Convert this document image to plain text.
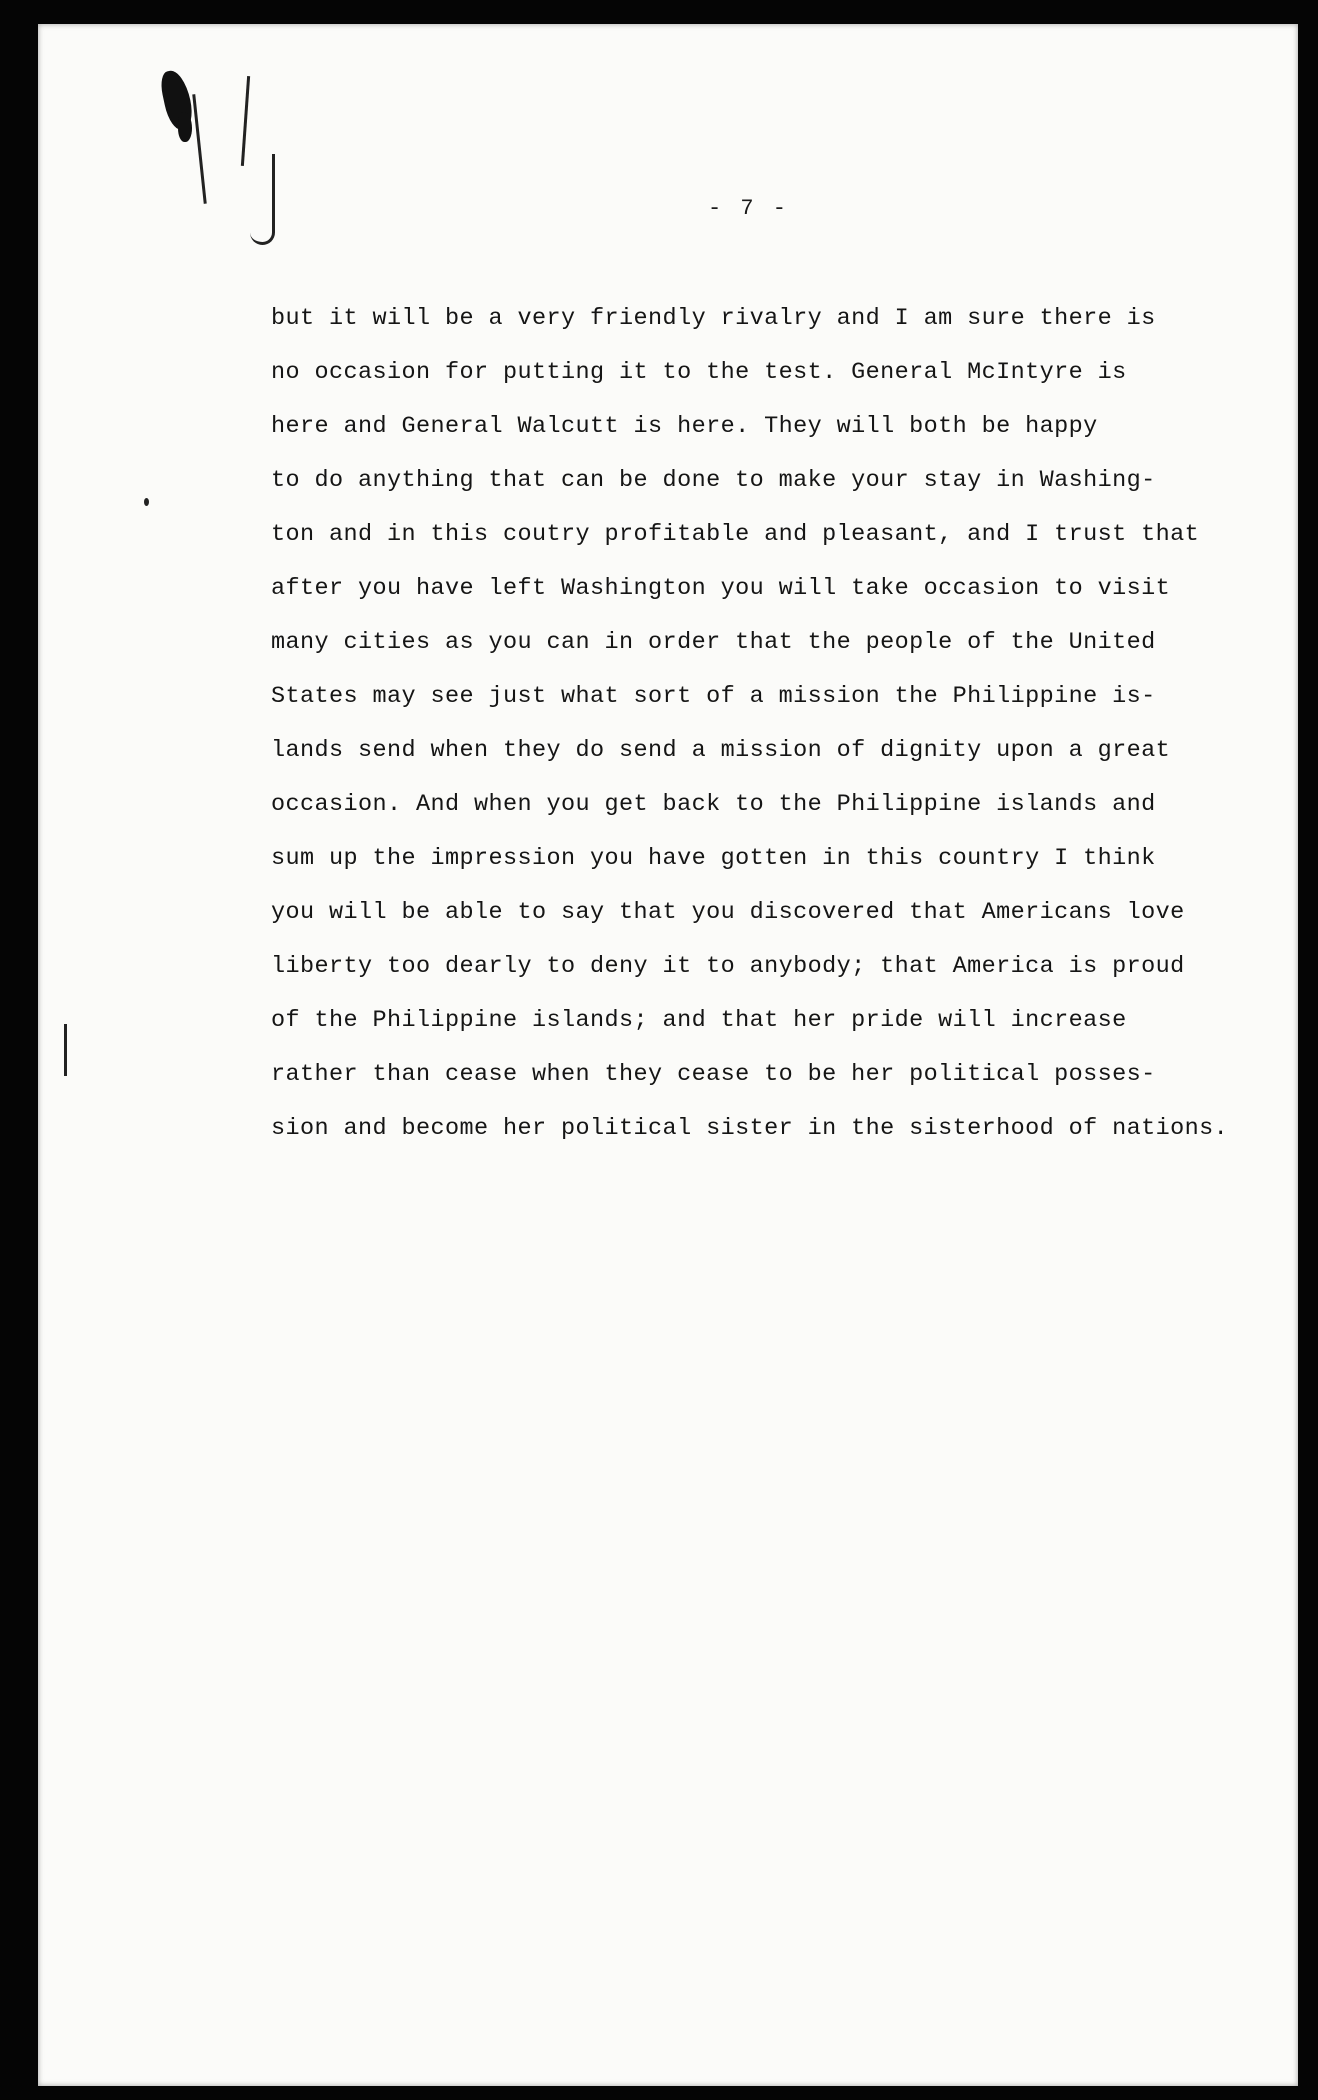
- 7 -
but it will be a very friendly rivalry and I am sure there is
no occasion for putting it to the test. General McIntyre is
here and General Walcutt is here. They will both be happy
to do anything that can be done to make your stay in Washing-
ton and in this coutry profitable and pleasant, and I trust that
after you have left Washington you will take occasion to visit
many cities as you can in order that the people of the United
States may see just what sort of a mission the Philippine is-
lands send when they do send a mission of dignity upon a great
occasion. And when you get back to the Philippine islands and
sum up the impression you have gotten in this country I think
you will be able to say that you discovered that Americans love
liberty too dearly to deny it to anybody; that America is proud
of the Philippine islands; and that her pride will increase
rather than cease when they cease to be her political posses-
sion and become her political sister in the sisterhood of nations.
